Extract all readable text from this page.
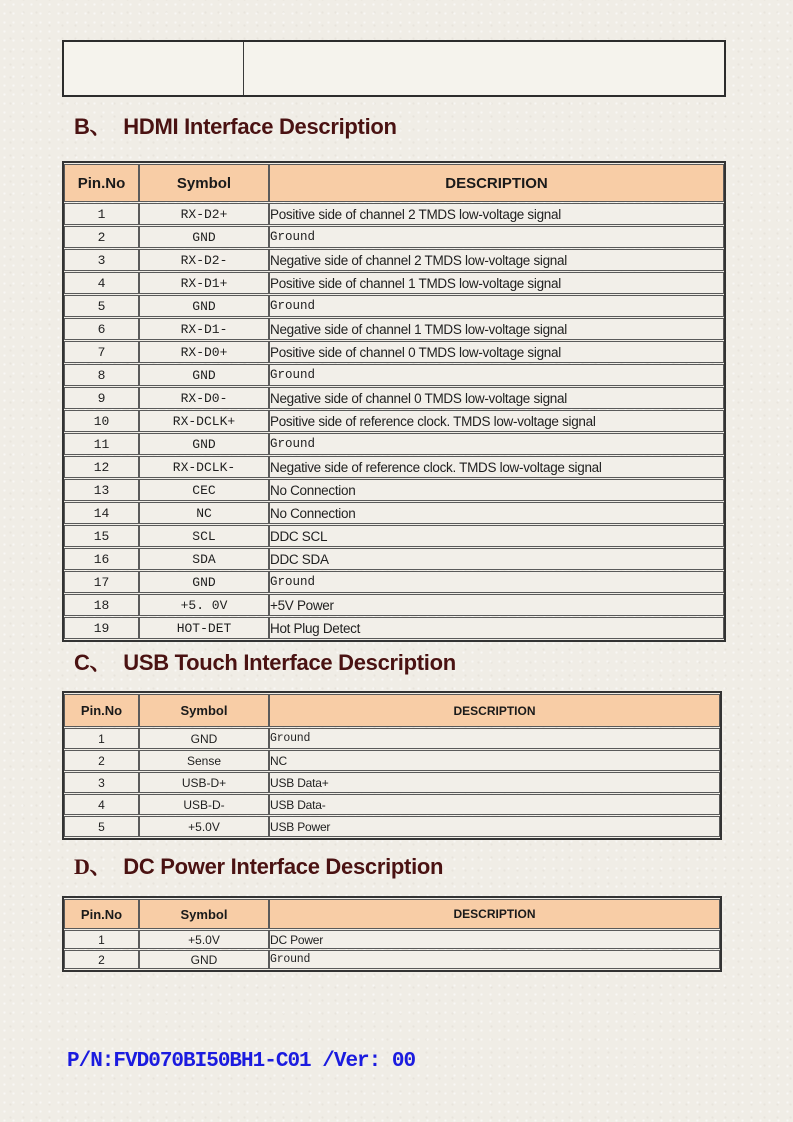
B、 HDMI Interface Description
Pin.No	Symbol	DESCRIPTION
1	RX-D2+	Positive side of channel 2 TMDS low-voltage signal
2	GND	Ground
3	RX-D2-	Negative side of channel 2 TMDS low-voltage signal
4	RX-D1+	Positive side of channel 1 TMDS low-voltage signal
5	GND	Ground
6	RX-D1-	Negative side of channel 1 TMDS low-voltage signal
7	RX-D0+	Positive side of channel 0 TMDS low-voltage signal
8	GND	Ground
9	RX-D0-	Negative side of channel 0 TMDS low-voltage signal
10	RX-DCLK+	Positive side of reference clock. TMDS low-voltage signal
11	GND	Ground
12	RX-DCLK-	Negative side of reference clock. TMDS low-voltage signal
13	CEC	No Connection
14	NC	No Connection
15	SCL	DDC SCL
16	SDA	DDC SDA
17	GND	Ground
18	+5. 0V	+5V Power
19	HOT-DET	Hot Plug Detect
C、 USB Touch Interface Description
Pin.No	Symbol	DESCRIPTION
1	GND	Ground
2	Sense	NC
3	USB-D+	USB Data+
4	USB-D-	USB Data-
5	+5.0V	USB Power
D、 DC Power Interface Description
Pin.No	Symbol	DESCRIPTION
1	+5.0V	DC Power
2	GND	Ground
P/N:FVD070BI50BH1-C01 /Ver: 00
